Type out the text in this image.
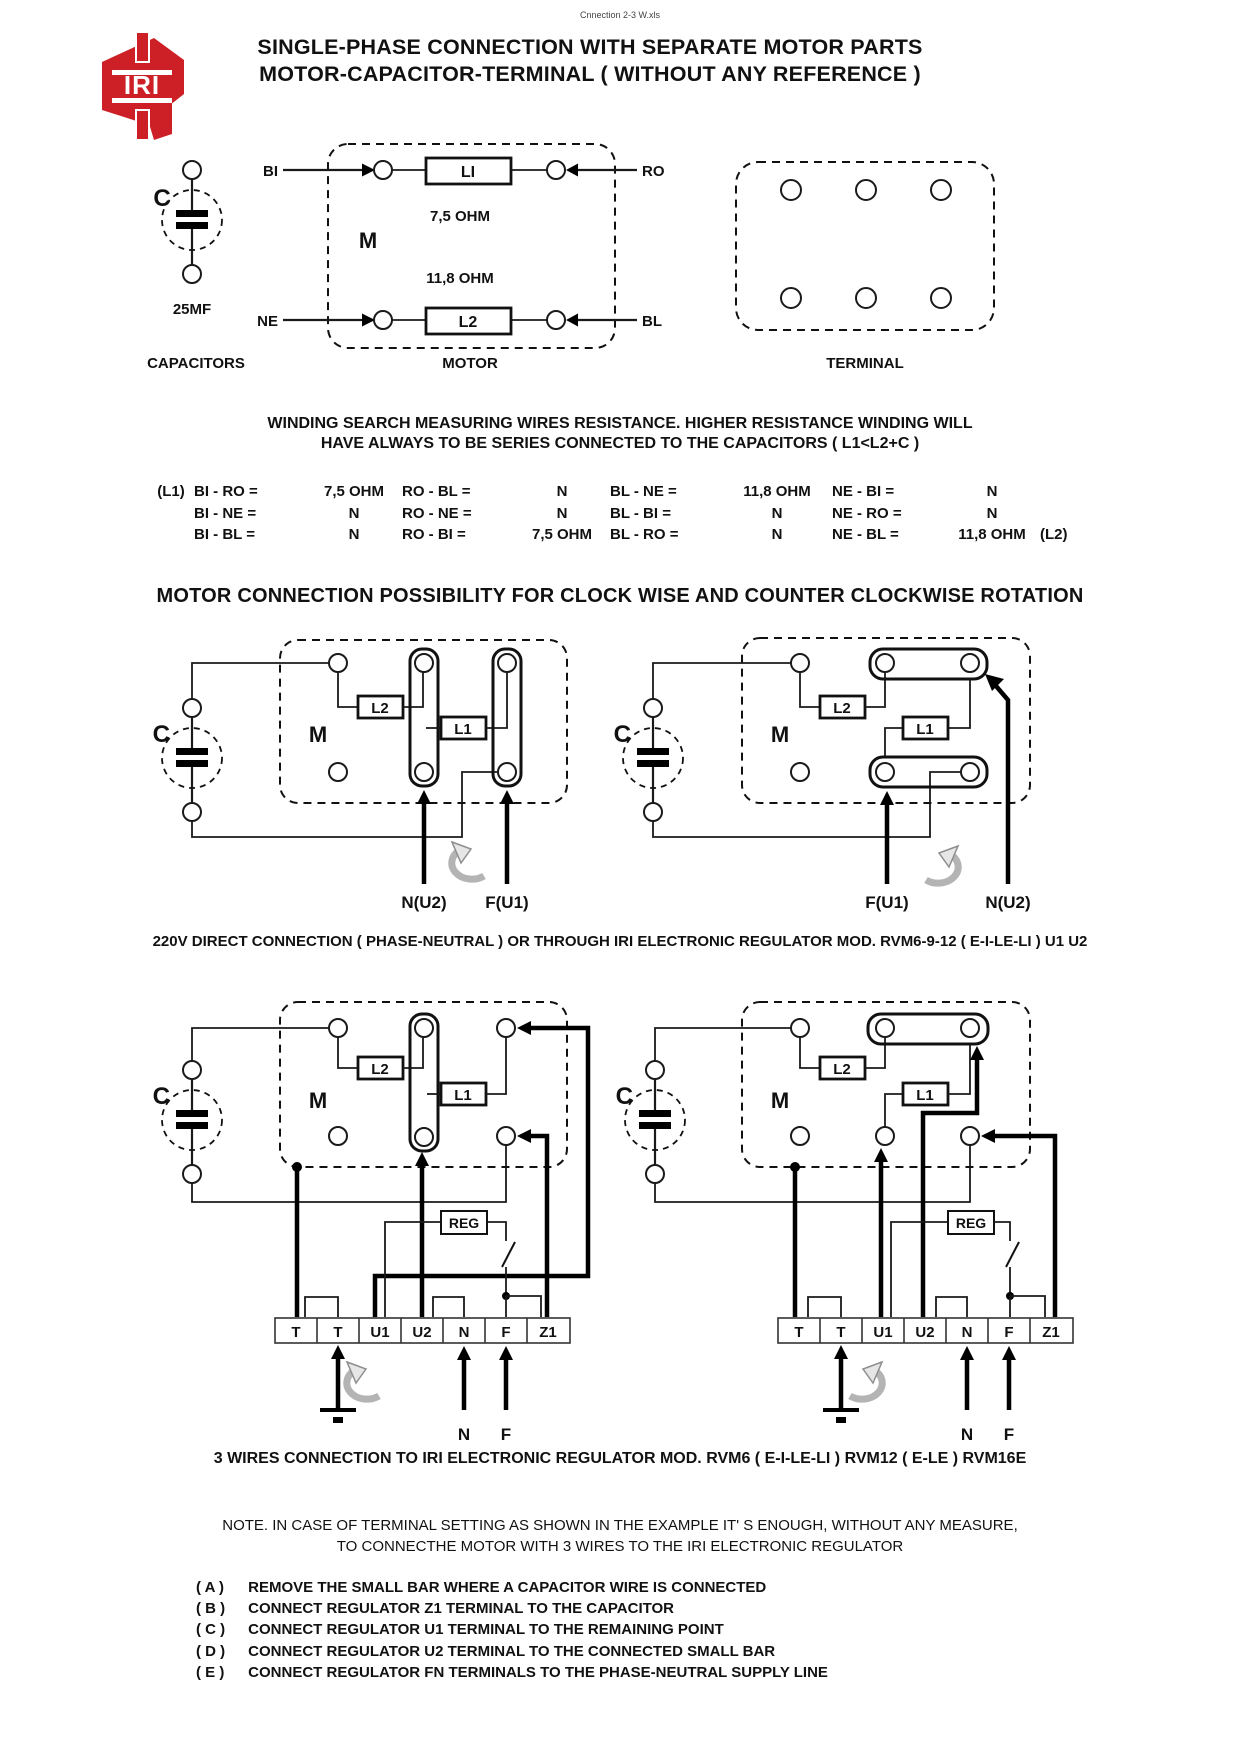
Cnnection 2-3 W.xls
IRI
SINGLE-PHASE CONNECTION WITH SEPARATE MOTOR PARTS
MOTOR-CAPACITOR-TERMINAL ( WITHOUT ANY REFERENCE )
C
25MF
CAPACITORS
M
BI	LI	RO
7,5 OHM
11,8 OHM
NE	L2	BL
MOTOR	TERMINAL
C	M
L2
L1
N(U2) F(U1)
C	M
L2
L1
F(U1)	N(U2)
C	M
L2
L1
REG
T T U1 U2 N F Z1
N F
C	M
L2
L1
REG
T T U1 U2 N F Z1
N F
WINDING SEARCH MEASURING WIRES RESISTANCE. HIGHER RESISTANCE WINDING WILL
HAVE ALWAYS TO BE SERIES CONNECTED TO THE CAPACITORS ( L1<L2+C )
(L1) BI - RO =	7,5 OHM	RO - BL =	N	BL - NE =	11,8 OHM	NE - BI =	N
BI - NE =	N	RO - NE =	N	BL - BI =	N	NE - RO =	N
BI - BL =	N	RO - BI =	7,5 OHM	BL - RO =	N	NE - BL =	11,8 OHM (L2)
MOTOR CONNECTION POSSIBILITY FOR CLOCK WISE AND COUNTER CLOCKWISE ROTATION
220V DIRECT CONNECTION ( PHASE-NEUTRAL ) OR THROUGH IRI ELECTRONIC REGULATOR MOD. RVM6-9-12 ( E-I-LE-LI ) U1 U2
3 WIRES CONNECTION TO IRI ELECTRONIC REGULATOR MOD. RVM6 ( E-I-LE-LI ) RVM12 ( E-LE ) RVM16E
NOTE. IN CASE OF TERMINAL SETTING AS SHOWN IN THE EXAMPLE IT' S ENOUGH, WITHOUT ANY MEASURE,
TO CONNECTHE MOTOR WITH 3 WIRES TO THE IRI ELECTRONIC REGULATOR
( A ) REMOVE THE SMALL BAR WHERE A CAPACITOR WIRE IS CONNECTED
( B ) CONNECT REGULATOR Z1 TERMINAL TO THE CAPACITOR
( C ) CONNECT REGULATOR U1 TERMINAL TO THE REMAINING POINT
( D ) CONNECT REGULATOR U2 TERMINAL TO THE CONNECTED SMALL BAR
( E ) CONNECT REGULATOR FN TERMINALS TO THE PHASE-NEUTRAL SUPPLY LINE
